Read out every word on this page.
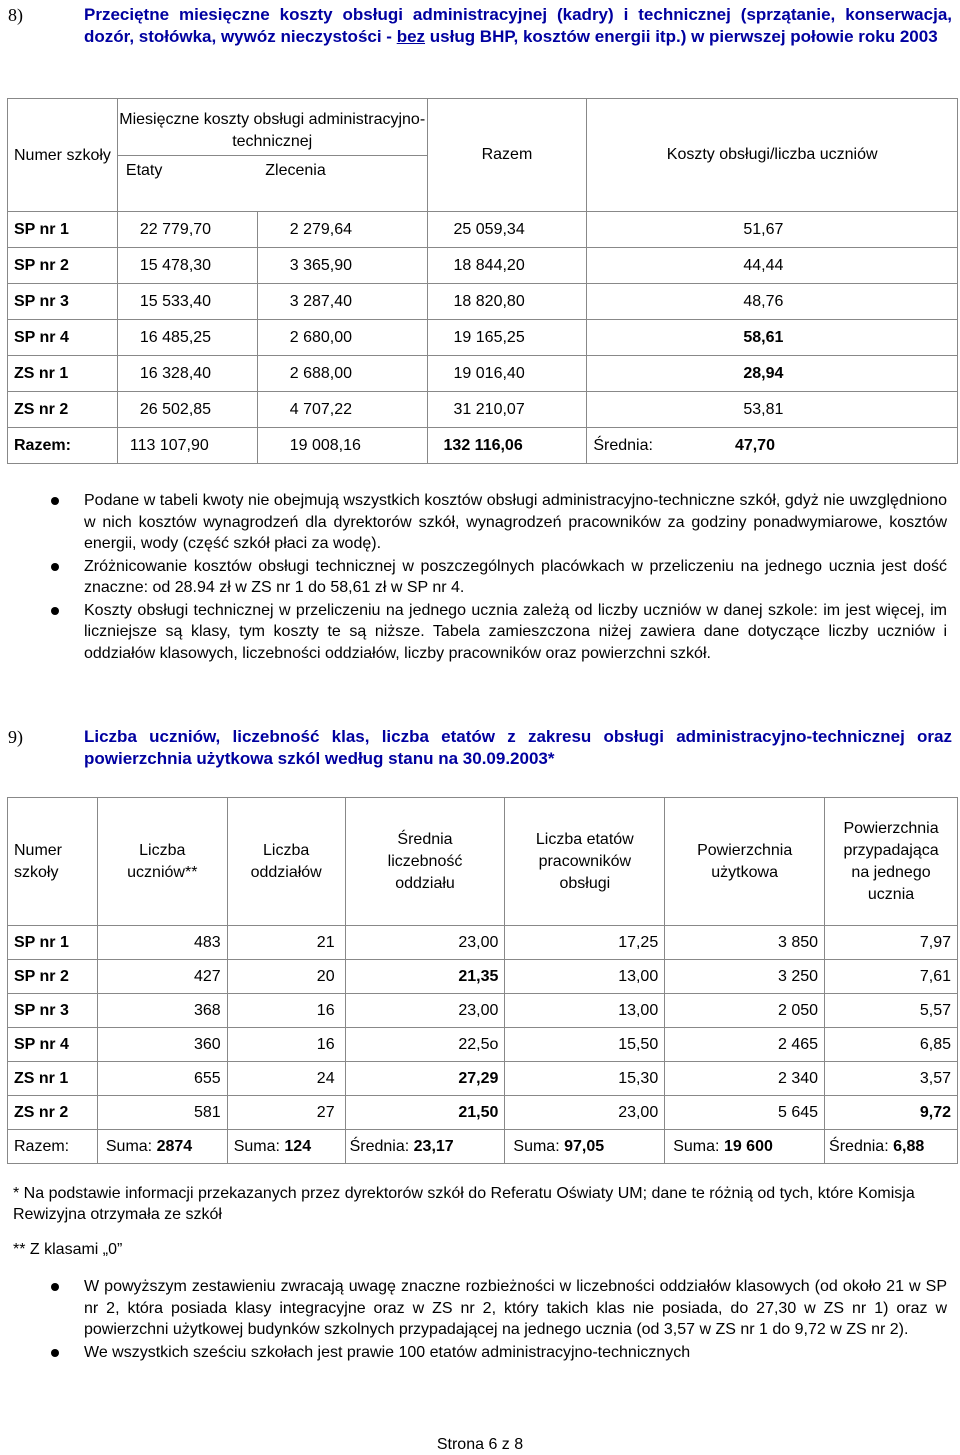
8)	Przeciętne miesięczne koszty obsługi administracyjnej (kadry) i technicznej (sprzątanie, konserwacja, dozór, stołówka, wywóz nieczystości - bez usług BHP, kosztów energii itp.) w pierwszej połowie roku 2003
Numer szkoły	Miesięczne koszty obsługi administracyjno-technicznej		Razem	Koszty obsługi/liczba uczniów
	Etaty	Zlecenia		
SP nr 1	22 779,70	2 279,64	25 059,34	51,67
SP nr 2	15 478,30	3 365,90	18 844,20	44,44
SP nr 3	15 533,40	3 287,40	18 820,80	48,76
SP nr 4	16 485,25	2 680,00	19 165,25	58,61
ZS nr 1	16 328,40	2 688,00	19 016,40	28,94
ZS nr 2	26 502,85	4 707,22	31 210,07	53,81
Razem:	113 107,90	19 008,16	132 116,06	Średnia: 47,70
Podane w tabeli kwoty nie obejmują wszystkich kosztów obsługi administracyjno-techniczne szkół, gdyż nie uwzględniono w nich kosztów wynagrodzeń dla dyrektorów szkół, wynagrodzeń pracowników za godziny ponadwymiarowe, kosztów energii, wody (część szkół płaci za wodę).
Zróżnicowanie kosztów obsługi technicznej w poszczególnych placówkach w przeliczeniu na jednego ucznia jest dość znaczne: od 28.94 zł w ZS nr 1 do 58,61 zł w SP nr 4.
Koszty obsługi technicznej w przeliczeniu na jednego ucznia zależą od liczby uczniów w danej szkole: im jest więcej, im liczniejsze są klasy, tym koszty te są niższe. Tabela zamieszczona niżej zawiera dane dotyczące liczby uczniów i oddziałów klasowych, liczebności oddziałów, liczby pracowników oraz powierzchni szkół.
9)	Liczba uczniów, liczebność klas, liczba etatów z zakresu obsługi administracyjno-technicznej oraz powierzchnia użytkowa szkól według stanu na 30.09.2003*
Numer szkoły	Liczba uczniów**	Liczba oddziałów	Średnia liczebność oddziału	Liczba etatów pracowników obsługi	Powierzchnia użytkowa	Powierzchnia przypadająca na jednego ucznia
SP nr 1	483	21	23,00	17,25	3 850	7,97
SP nr 2	427	20	21,35	13,00	3 250	7,61
SP nr 3	368	16	23,00	13,00	2 050	5,57
SP nr 4	360	16	22,5o	15,50	2 465	6,85
ZS nr 1	655	24	27,29	15,30	2 340	3,57
ZS nr 2	581	27	21,50	23,00	5 645	9,72
Razem:	Suma: 2874	Suma: 124	Średnia: 23,17	Suma: 97,05	Suma: 19 600	Średnia: 6,88
* Na podstawie informacji przekazanych przez dyrektorów szkół do Referatu Oświaty UM; dane te różnią od tych, które Komisja Rewizyjna otrzymała ze szkół
** Z klasami „0”
W powyższym zestawieniu zwracają uwagę znaczne rozbieżności w liczebności oddziałów klasowych (od około 21 w SP nr 2, która posiada klasy integracyjne oraz w ZS nr 2, który takich klas nie posiada, do 27,30 w ZS nr 1) oraz w powierzchni użytkowej budynków szkolnych przypadającej na jednego ucznia (od 3,57 w ZS nr 1 do 9,72 w ZS nr 2).
We wszystkich sześciu szkołach jest prawie 100 etatów administracyjno-technicznych
Strona 6 z 8
